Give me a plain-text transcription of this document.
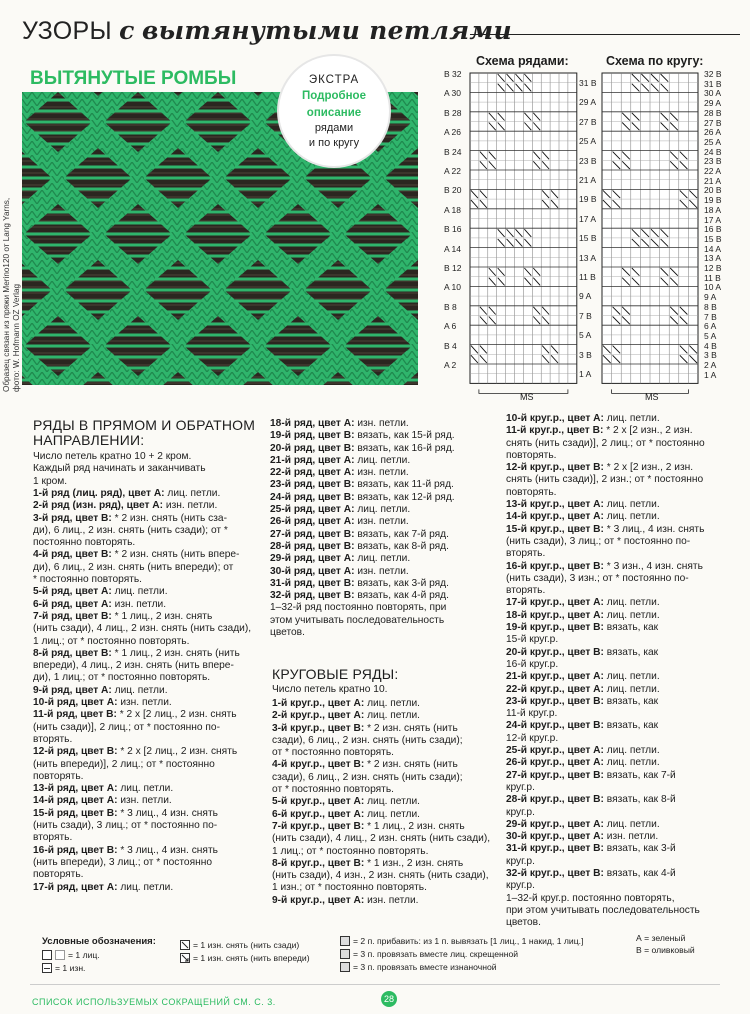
УЗОРЫ с вытянутыми петлями
ВЫТЯНУТЫЕ РОМБЫ
Образец связан из пряжи Merino120 от Lang Yarns, фото: W. Hofmann OZ Verlag
ЭКСТРА
Подробное
описание
рядами
и по кругу
Схема рядами:	Схема по кругу:
B 32
A 30
B 28
A 26
B 24
A 22
B 20
A 18
B 16
A 14
B 12
A 10
B 8
A 6
B 4
A 2
31 B
29 A
27 B
25 A
23 B
21 A
19 B
17 A
15 B
13 A
11 B
9 A
7 B
5 A
3 B
1 A
32 B
31 B
30 A
29 A
28 B
27 B
26 A
25 A
24 B
23 B
22 A
21 A
20 B
19 B
18 A
17 A
16 B
15 B
14 A
13 A
12 B
11 B
10 A
9 A
8 B
7 B
6 A
5 A
4 B
3 B
2 A
1 A
MS	MS
РЯДЫ В ПРЯМОМ И ОБРАТНОМ
НАПРАВЛЕНИИ:

Число петель кратно 10 + 2 кром.

Каждый ряд начинать и заканчивать

1 кром.

1-й ряд (лиц. ряд), цвет А: лиц. петли.

2-й ряд (изн. ряд), цвет А: изн. петли.

3-й ряд, цвет В: * 2 изн. снять (нить сза-

ди), 6 лиц., 2 изн. снять (нить сзади); от *

постоянно повторять.

4-й ряд, цвет В: * 2 изн. снять (нить впере-

ди), 6 лиц., 2 изн. снять (нить впереди); от

* постоянно повторять.

5-й ряд, цвет А: лиц. петли.

6-й ряд, цвет А: изн. петли.

7-й ряд, цвет В: * 1 лиц., 2 изн. снять

(нить сзади), 4 лиц., 2 изн. снять (нить сзади),

1 лиц.; от * постоянно повторять.

8-й ряд, цвет В: * 1 лиц., 2 изн. снять (нить

впереди), 4 лиц., 2 изн. снять (нить впере-

ди), 1 лиц.; от * постоянно повторять.

9-й ряд, цвет А: лиц. петли.

10-й ряд, цвет А: изн. петли.

11-й ряд, цвет В: * 2 x [2 лиц., 2 изн. снять

(нить сзади)], 2 лиц.; от * постоянно по-

вторять.

12-й ряд, цвет В: * 2 x [2 лиц., 2 изн. снять

(нить впереди)], 2 лиц.; от * постоянно

повторять.

13-й ряд, цвет А: лиц. петли.

14-й ряд, цвет А: изн. петли.

15-й ряд, цвет В: * 3 лиц., 4 изн. снять

(нить сзади), 3 лиц.; от * постоянно по-

вторять.

16-й ряд, цвет В: * 3 лиц., 4 изн. снять

(нить впереди), 3 лиц.; от * постоянно

повторять.

17-й ряд, цвет А: лиц. петли.

18-й ряд, цвет А: изн. петли.

19-й ряд, цвет В: вязать, как 15-й ряд.

20-й ряд, цвет В: вязать, как 16-й ряд.

21-й ряд, цвет А: лиц. петли.

22-й ряд, цвет А: изн. петли.

23-й ряд, цвет В: вязать, как 11-й ряд.

24-й ряд, цвет В: вязать, как 12-й ряд.

25-й ряд, цвет А: лиц. петли.

26-й ряд, цвет А: изн. петли.

27-й ряд, цвет В: вязать, как 7-й ряд.

28-й ряд, цвет В: вязать, как 8-й ряд.

29-й ряд, цвет А: лиц. петли.

30-й ряд, цвет А: изн. петли.

31-й ряд, цвет В: вязать, как 3-й ряд.

32-й ряд, цвет В: вязать, как 4-й ряд.

1–32-й ряд постоянно повторять, при

этом учитывать последовательность

цветов.

КРУГОВЫЕ РЯДЫ:
Число петель кратно 10.

1-й круг.р., цвет А: лиц. петли.

2-й круг.р., цвет А: лиц. петли.

3-й круг.р., цвет В: * 2 изн. снять (нить

сзади), 6 лиц., 2 изн. снять (нить сзади);

от * постоянно повторять.

4-й круг.р., цвет В: * 2 изн. снять (нить

сзади), 6 лиц., 2 изн. снять (нить сзади);

от * постоянно повторять.

5-й круг.р., цвет А: лиц. петли.

6-й круг.р., цвет А: лиц. петли.

7-й круг.р., цвет В: * 1 лиц., 2 изн. снять

(нить сзади), 4 лиц., 2 изн. снять (нить сзади),

1 лиц.; от * постоянно повторять.

8-й круг.р., цвет В: * 1 изн., 2 изн. снять

(нить сзади), 4 изн., 2 изн. снять (нить сзади),

1 изн.; от * постоянно повторять.

9-й круг.р., цвет А: изн. петли.

10-й круг.р., цвет А: лиц. петли.

11-й круг.р., цвет В: * 2 x [2 изн., 2 изн.

снять (нить сзади)], 2 лиц.; от * постоянно

повторять.

12-й круг.р., цвет В: * 2 x [2 изн., 2 изн.

снять (нить сзади)], 2 изн.; от * постоянно

повторять.

13-й круг.р., цвет А: лиц. петли.

14-й круг.р., цвет А: лиц. петли.

15-й круг.р., цвет В: * 3 лиц., 4 изн. снять

(нить сзади), 3 лиц.; от * постоянно по-

вторять.

16-й круг.р., цвет В: * 3 изн., 4 изн. снять

(нить сзади), 3 изн.; от * постоянно по-

вторять.

17-й круг.р., цвет А: лиц. петли.

18-й круг.р., цвет А: лиц. петли.

19-й круг.р., цвет В: вязать, как

15-й круг.р.

20-й круг.р., цвет В: вязать, как

16-й круг.р.

21-й круг.р., цвет А: лиц. петли.

22-й круг.р., цвет А: лиц. петли.

23-й круг.р., цвет В: вязать, как

11-й круг.р.

24-й круг.р., цвет В: вязать, как

12-й круг.р.

25-й круг.р., цвет А: лиц. петли.

26-й круг.р., цвет А: лиц. петли.

27-й круг.р., цвет В: вязать, как 7-й круг.р.

28-й круг.р., цвет В: вязать, как 8-й круг.р.

29-й круг.р., цвет А: лиц. петли.

30-й круг.р., цвет А: изн. петли.

31-й круг.р., цвет В: вязать, как 3-й круг.р.

32-й круг.р., цвет В: вязать, как 4-й круг.р.

1–32-й круг.р. постоянно повторять,

при этом учитывать последовательность

цветов.

Условные обозначения:
= 1 лиц.
= 1 изн.
= 1 изн. снять (нить сзади)
= 1 изн. снять (нить впереди)
= 2 п. прибавить: из 1 п. вывязать [1 лиц., 1 накид, 1 лиц.]
= 3 п. провязать вместе лиц. скрещенной
= 3 п. провязать вместе изнаночной
А = зеленый
В = оливковый
СПИСОК ИСПОЛЬЗУЕМЫХ СОКРАЩЕНИЙ СМ. С. 3.	28
